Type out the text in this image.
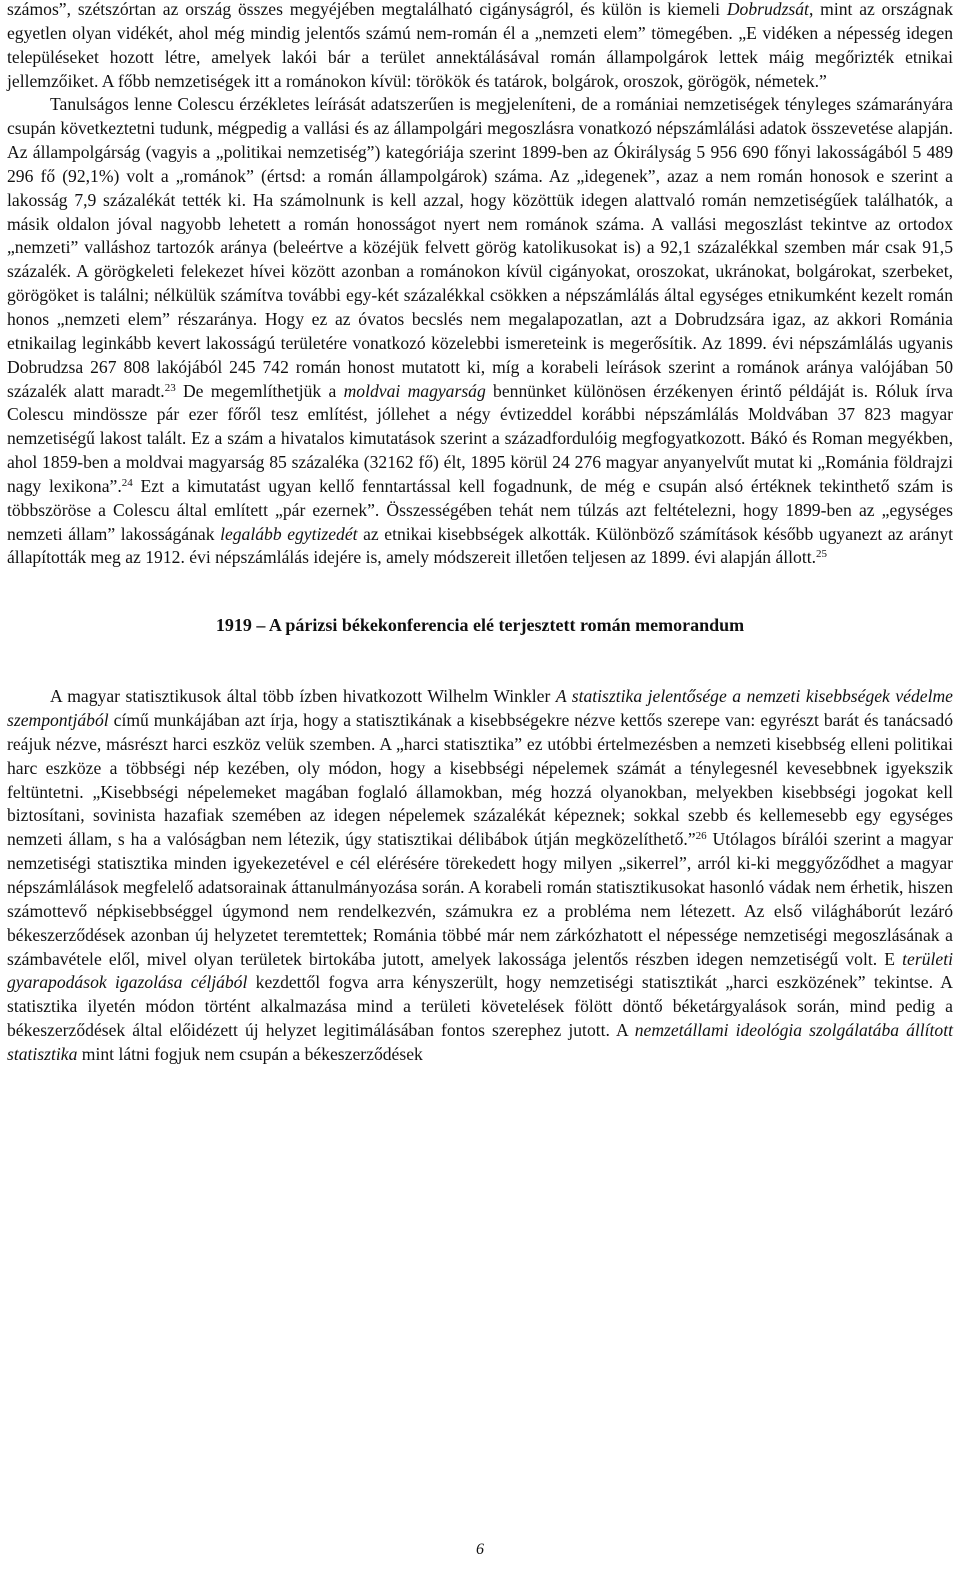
számos”, szétszórtan az ország összes megyéjében megtalálható cigányságról, és külön is kiemeli Dobrudzsát, mint az országnak egyetlen olyan vidékét, ahol még mindig jelentős számú nem-román él a „nemzeti elem” tömegében. „E vidéken a népesség idegen településeket hozott létre, amelyek lakói bár a terület annektálásával román állampolgárok lettek máig megőrizték etnikai jellemzőiket. A főbb nemzetiségek itt a románokon kívül: törökök és tatárok, bolgárok, oroszok, görögök, németek.”

Tanulságos lenne Colescu érzékletes leírását adatszerűen is megjeleníteni, de a romániai nemzetiségek tényleges számarányára csupán következtetni tudunk, mégpedig a vallási és az állampolgári megoszlásra vonatkozó népszámlálási adatok összevetése alapján. Az állampolgárság (vagyis a „politikai nemzetiség”) kategóriája szerint 1899-ben az Ókirályság 5 956 690 főnyi lakosságából 5 489 296 fő (92,1%) volt a „románok” (értsd: a román állampolgárok) száma. Az „idegenek”, azaz a nem román honosok e szerint a lakosság 7,9 százalékát tették ki. Ha számolnunk is kell azzal, hogy közöttük idegen alattvaló román nemzetiségűek találhatók, a másik oldalon jóval nagyobb lehetett a román honosságot nyert nem románok száma. A vallási megoszlást tekintve az ortodox „nemzeti” valláshoz tartozók aránya (beleértve a közéjük felvett görög katolikusokat is) a 92,1 százalékkal szemben már csak 91,5 százalék. A görögkeleti felekezet hívei között azonban a románokon kívül cigányokat, oroszokat, ukránokat, bolgárokat, szerbeket, görögöket is találni; nélkülük számítva további egy-két százalékkal csökken a népszámlálás által egységes etnikumként kezelt román honos „nemzeti elem” részaránya. Hogy ez az óvatos becslés nem megalapozatlan, azt a Dobrudzsára igaz, az akkori Románia etnikailag leginkább kevert lakosságú területére vonatkozó közelebbi ismereteink is megerősítik. Az 1899. évi népszámlálás ugyanis Dobrudzsa 267 808 lakójából 245 742 román honost mutatott ki, míg a korabeli leírások szerint a románok aránya valójában 50 százalék alatt maradt.$^{23}$ De megemlíthetjük a moldvai magyarság bennünket különösen érzékenyen érintő példáját is. Róluk írva Colescu mindössze pár ezer főről tesz említést, jóllehet a négy évtizeddel korábbi népszámlálás Moldvában 37 823 magyar nemzetiségű lakost talált. Ez a szám a hivatalos kimutatások szerint a századfordulóig megfogyatkozott. Bákó és Roman megyékben, ahol 1859-ben a moldvai magyarság 85 százaléka (32162 fő) élt, 1895 körül 24 276 magyar anyanyelvűt mutat ki „Románia földrajzi nagy lexikona”.$^{24}$ Ezt a kimutatást ugyan kellő fenntartással kell fogadnunk, de még e csupán alsó értéknek tekinthető szám is többszöröse a Colescu által említett „pár ezernek”. Összességében tehát nem túlzás azt feltételezni, hogy 1899-ben az „egységes nemzeti állam” lakosságának legalább egytizedét az etnikai kisebbségek alkották. Különböző számítások később ugyanezt az arányt állapították meg az 1912. évi népszámlálás idejére is, amely módszereit illetően teljesen az 1899. évi alapján állott.$^{25}$

1919 – A párizsi békekonferencia elé terjesztett román memorandum

A magyar statisztikusok által több ízben hivatkozott Wilhelm Winkler A statisztika jelentősége a nemzeti kisebbségek védelme szempontjából című munkájában azt írja, hogy a statisztikának a kisebbségekre nézve kettős szerepe van: egyrészt barát és tanácsadó reájuk nézve, másrészt harci eszköz velük szemben. A „harci statisztika” ez utóbbi értelmezésben a nemzeti kisebbség elleni politikai harc eszköze a többségi nép kezében, oly módon, hogy a kisebbségi népelemek számát a ténylegesnél kevesebbnek igyekszik feltüntetni. „Kisebbségi népelemeket magában foglaló államokban, még hozzá olyanokban, melyekben kisebbségi jogokat kell biztosítani, sovinista hazafiak szemében az idegen népelemek százalékát képeznek; sokkal szebb és kellemesebb egy egységes nemzeti állam, s ha a valóságban nem létezik, úgy statisztikai délibábok útján megközelíthető.”$^{26}$ Utólagos bírálói szerint a magyar nemzetiségi statisztika minden igyekezetével e cél elérésére törekedett hogy milyen „sikerrel”, arról ki-ki meggyőződhet a magyar népszámlálások megfelelő adatsorainak áttanulmányozása során. A korabeli román statisztikusokat hasonló vádak nem érhetik, hiszen számottevő népkisebbséggel úgymond nem rendelkezvén, számukra ez a probléma nem létezett. Az első világháborút lezáró békeszerződések azonban új helyzetet teremtettek; Románia többé már nem zárkózhatott el népessége nemzetiségi megoszlásának a számbavétele elől, mivel olyan területek birtokába jutott, amelyek lakossága jelentős részben idegen nemzetiségű volt. E területi gyarapodások igazolása céljából kezdettől fogva arra kényszerült, hogy nemzetiségi statisztikát „harci eszközének” tekintse. A statisztika ilyetén módon történt alkalmazása mind a területi követelések fölött döntő béketárgyalások során, mind pedig a békeszerződések által előidézett új helyzet legitimálásában fontos szerephez jutott. A nemzetállami ideológia szolgálatába állított statisztika mint látni fogjuk nem csupán a békeszerződések

6
